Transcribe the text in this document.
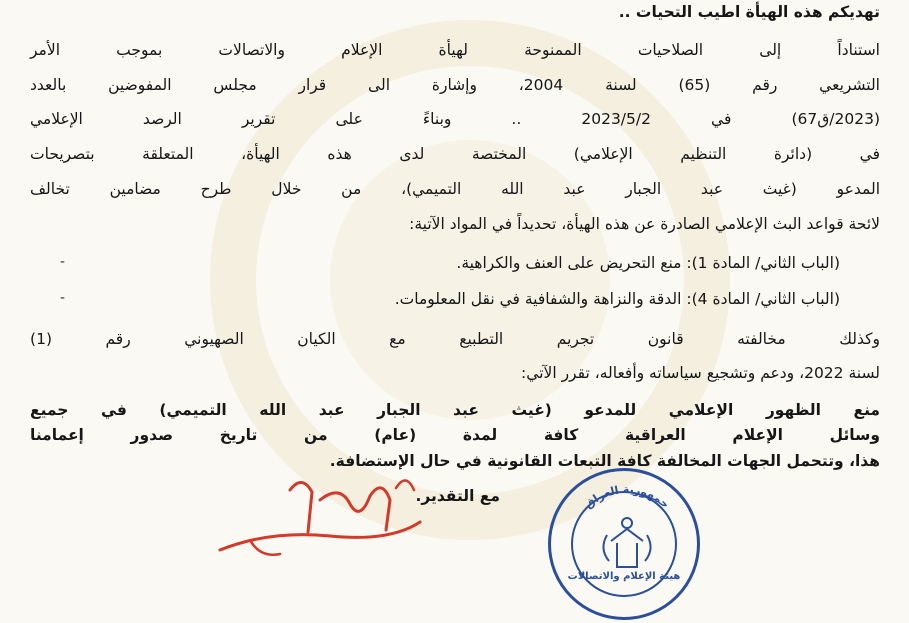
تهديكم هذه الهيأة اطيب التحيات ..
استناداً إلى الصلاحيات الممنوحة لهيأة الإعلام والاتصالات بموجب الأمر
التشريعي رقم (65) لسنة 2004، وإشارة الى قرار مجلس المفوضين بالعدد
(2023/ق67) في 2023/5/2 .. وبناءً على تقرير الرصد الإعلامي
في (دائرة التنظيم الإعلامي) المختصة لدى هذه الهيأة، المتعلقة بتصريحات
المدعو (غيث عبد الجبار عبد الله التميمي)، من خلال طرح مضامين تخالف
لائحة قواعد البث الإعلامي الصادرة عن هذه الهيأة، تحديداً في المواد الآتية:
(الباب الثاني/ المادة 1): منع التحريض على العنف والكراهية.
-
(الباب الثاني/ المادة 4): الدقة والنزاهة والشفافية في نقل المعلومات.
-
وكذلك مخالفته قانون تجريم التطبيع مع الكيان الصهيوني رقم (1)
لسنة 2022، ودعم وتشجيع سياساته وأفعاله، تقرر الآتي:
منع الظهور الإعلامي للمدعو (غيث عبد الجبار عبد الله التميمي) في جميع
وسائل الإعلام العراقية كافة لمدة (عام) من تاريخ صدور إعمامنا
هذا، وتتحمل الجهات المخالفة كافة التبعات القانونية في حال الإستضافة.
مع التقدير.	جمهورية العراق
هيئة الإعلام والاتصالات
